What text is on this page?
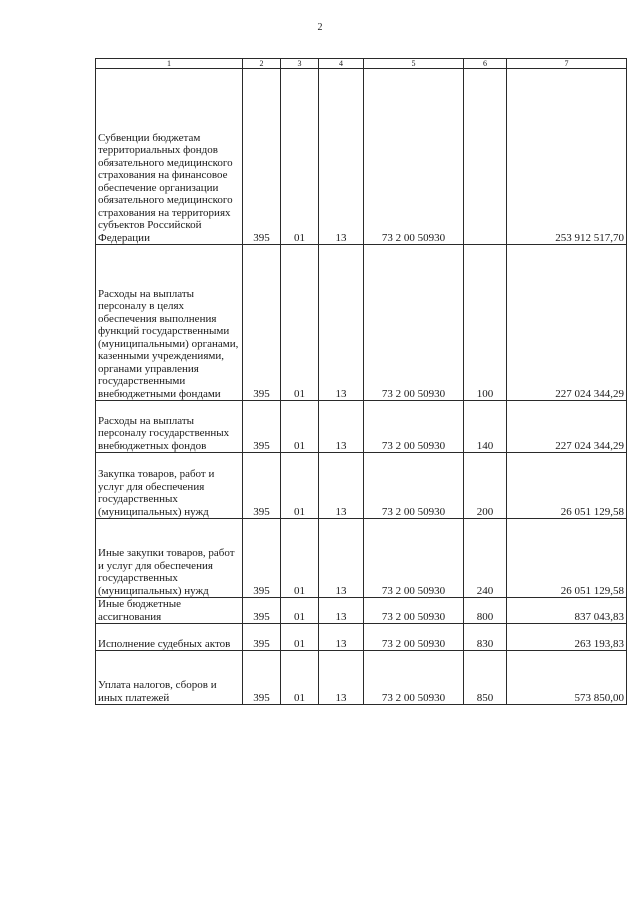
2
1	2	3	4	5	6	7

Субвенции бюджетам территориальных фондов обязательного медицинского страхования на финансовое обеспечение организации обязательного медицинского страхования на территориях субъектов Российской Федерации	395	01	13	73 2 00 50930		253 912 517,70

Расходы на выплаты персоналу в целях обеспечения выполнения функций государственными (муниципальными) органами, казенными учреждениями, органами управления государственными внебюджетными фондами	395	01	13	73 2 00 50930	100	227 024 344,29

Расходы на выплаты персоналу государственных внебюджетных фондов	395	01	13	73 2 00 50930	140	227 024 344,29

Закупка товаров, работ и услуг для обеспечения государственных (муниципальных) нужд	395	01	13	73 2 00 50930	200	26 051 129,58

Иные закупки товаров, работ и услуг для обеспечения государственных (муниципальных) нужд	395	01	13	73 2 00 50930	240	26 051 129,58

Иные бюджетные ассигнования	395	01	13	73 2 00 50930	800	837 043,83

Исполнение судебных актов	395	01	13	73 2 00 50930	830	263 193,83

Уплата налогов, сборов и иных платежей	395	01	13	73 2 00 50930	850	573 850,00
